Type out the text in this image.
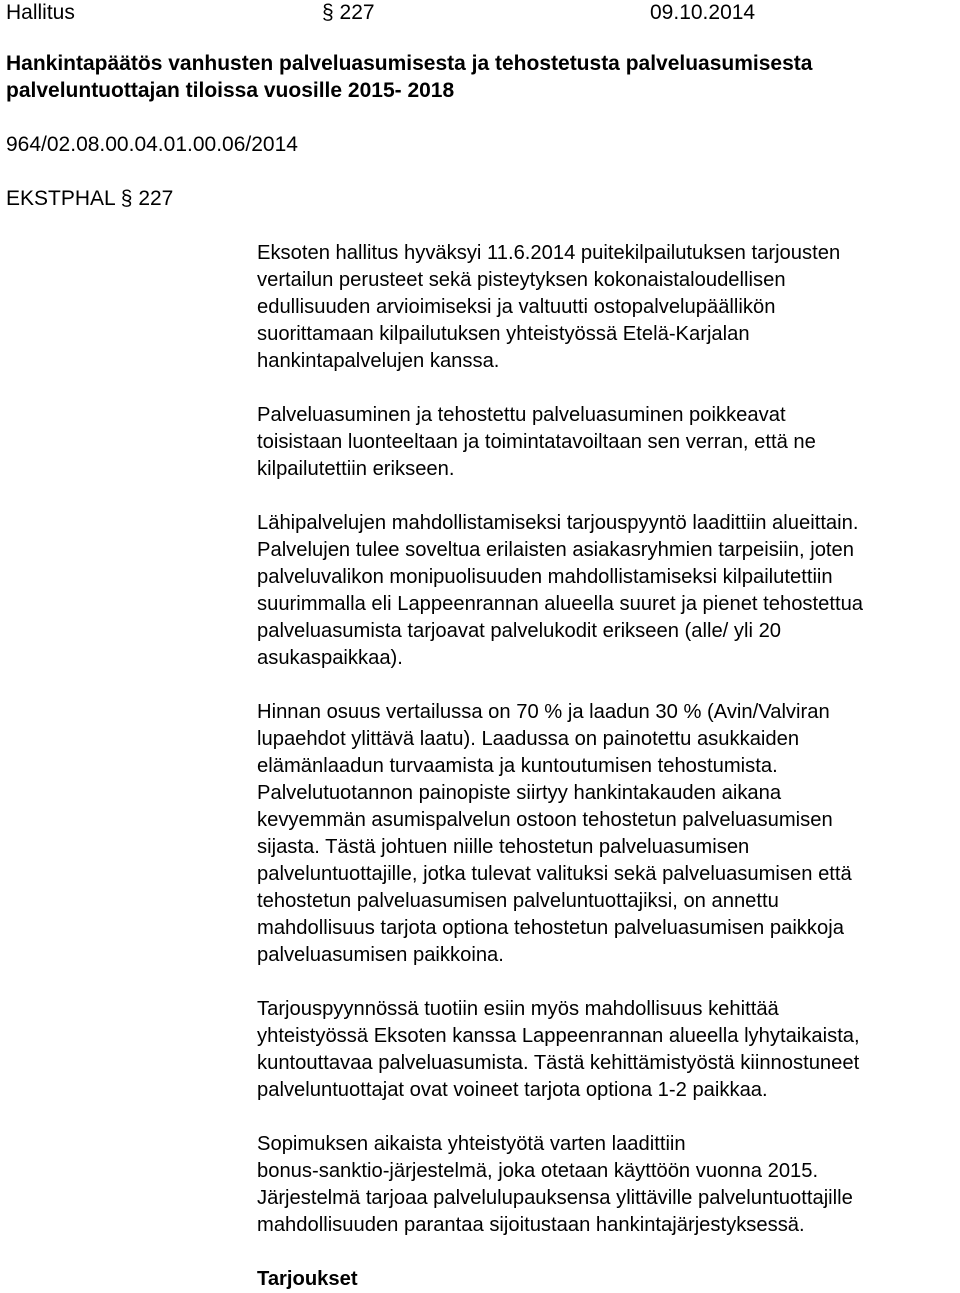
Hallitus	§ 227	09.10.2014
Hankintapäätös vanhusten palveluasumisesta ja tehostetusta palveluasumisesta
palveluntuottajan tiloissa vuosille 2015- 2018
964/02.08.00.04.01.00.06/2014
EKSTPHAL § 227

Eksoten hallitus hyväksyi 11.6.2014 puitekilpailutuksen tarjousten
vertailun perusteet sekä pisteytyksen kokonaistaloudellisen
edullisuuden arvioimiseksi ja valtuutti ostopalvelupäällikön
suorittamaan kilpailutuksen yhteistyössä Etelä-Karjalan
hankintapalvelujen kanssa.

Palveluasuminen ja tehostettu palveluasuminen poikkeavat
toisistaan luonteeltaan ja toimintatavoiltaan sen verran, että ne
kilpailutettiin erikseen.

Lähipalvelujen mahdollistamiseksi tarjouspyyntö laadittiin alueittain.
Palvelujen tulee soveltua erilaisten asiakasryhmien tarpeisiin, joten
palveluvalikon monipuolisuuden mahdollistamiseksi kilpailutettiin
suurimmalla eli Lappeenrannan alueella suuret ja pienet tehostettua
palveluasumista tarjoavat palvelukodit erikseen (alle/ yli 20
asukaspaikkaa).

Hinnan osuus vertailussa on 70 % ja laadun 30 % (Avin/Valviran
lupaehdot ylittävä laatu). Laadussa on painotettu asukkaiden
elämänlaadun turvaamista ja kuntoutumisen tehostumista.
Palvelutuotannon painopiste siirtyy hankintakauden aikana
kevyemmän asumispalvelun ostoon tehostetun palveluasumisen
sijasta. Tästä johtuen niille tehostetun palveluasumisen
palveluntuottajille, jotka tulevat valituksi sekä palveluasumisen että
tehostetun palveluasumisen palveluntuottajiksi, on annettu
mahdollisuus tarjota optiona tehostetun palveluasumisen paikkoja
palveluasumisen paikkoina.

Tarjouspyynnössä tuotiin esiin myös mahdollisuus kehittää
yhteistyössä Eksoten kanssa Lappeenrannan alueella lyhytaikaista,
kuntouttavaa palveluasumista. Tästä kehittämistyöstä kiinnostuneet
palveluntuottajat ovat voineet tarjota optiona 1-2 paikkaa.

Sopimuksen aikaista yhteistyötä varten laadittiin
bonus-sanktio-järjestelmä, joka otetaan käyttöön vuonna 2015.
Järjestelmä tarjoaa palvelulupauksensa ylittäville palveluntuottajille
mahdollisuuden parantaa sijoitustaan hankintajärjestyksessä.

Tarjoukset
